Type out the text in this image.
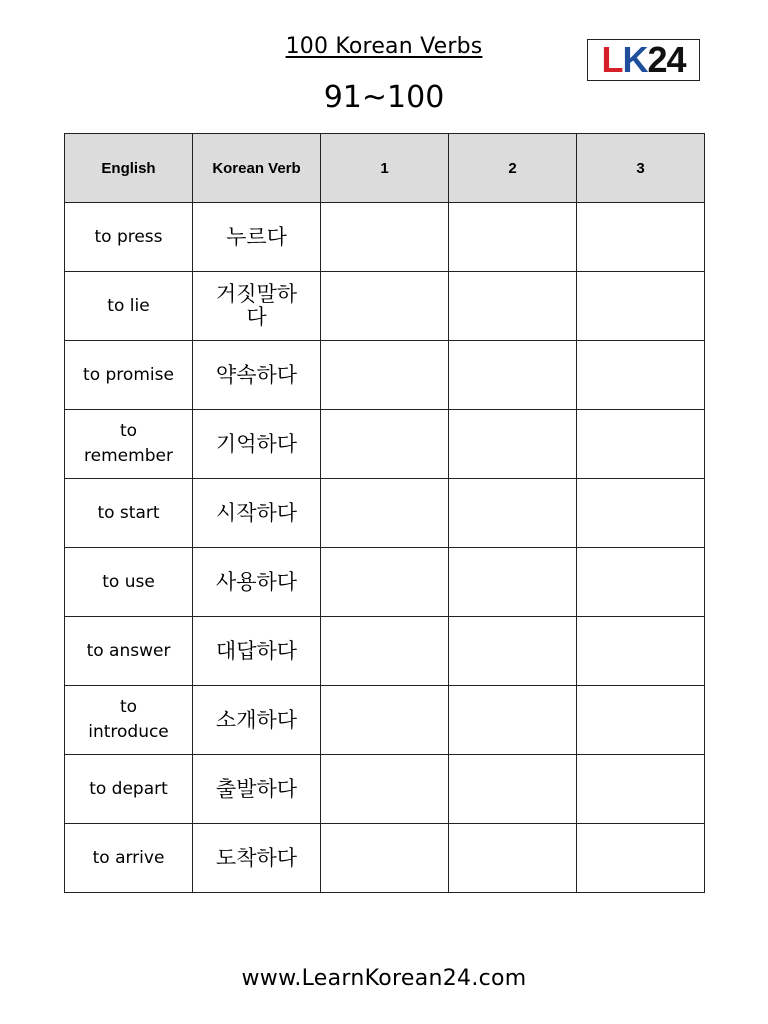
100 Korean Verbs
91~100
L K 24
English	Korean Verb	1	2	3
to press	누르다			
to lie	거짓말하다			
to promise	약속하다			
to remember	기억하다			
to start	시작하다			
to use	사용하다			
to answer	대답하다			
to introduce	소개하다			
to depart	출발하다			
to arrive	도착하다			
www.LearnKorean24.com
